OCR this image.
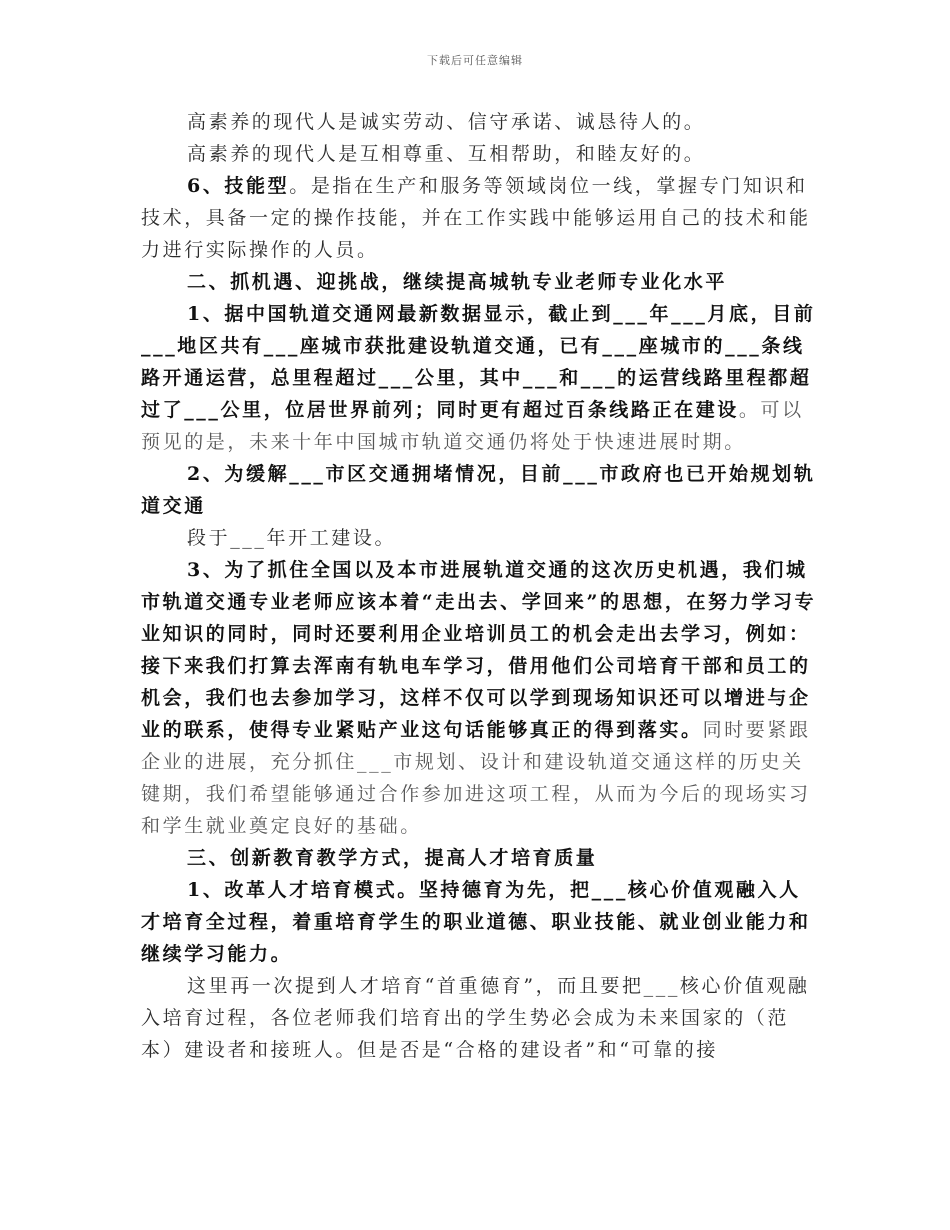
下载后可任意编辑

高素养的现代人是诚实劳动、信守承诺、诚恳待人的。

高素养的现代人是互相尊重、互相帮助，和睦友好的。

6、技能型。是指在生产和服务等领域岗位一线，掌握专门知识和技术，具备一定的操作技能，并在工作实践中能够运用自己的技术和能力进行实际操作的人员。

二、抓机遇、迎挑战，继续提高城轨专业老师专业化水平

1、据中国轨道交通网最新数据显示，截止到___年___月底，目前___地区共有___座城市获批建设轨道交通，已有___座城市的___条线路开通运营，总里程超过___公里，其中___和___的运营线路里程都超过了___公里，位居世界前列；同时更有超过百条线路正在建设。可以预见的是，未来十年中国城市轨道交通仍将处于快速进展时期。

2、为缓解___市区交通拥堵情况，目前___市政府也已开始规划轨道交通

段于___年开工建设。

3、为了抓住全国以及本市进展轨道交通的这次历史机遇，我们城市轨道交通专业老师应该本着“走出去、学回来”的思想，在努力学习专业知识的同时，同时还要利用企业培训员工的机会走出去学习，例如：接下来我们打算去浑南有轨电车学习，借用他们公司培育干部和员工的机会，我们也去参加学习，这样不仅可以学到现场知识还可以增进与企业的联系，使得专业紧贴产业这句话能够真正的得到落实。同时要紧跟企业的进展，充分抓住___市规划、设计和建设轨道交通这样的历史关键期，我们希望能够通过合作参加进这项工程，从而为今后的现场实习和学生就业奠定良好的基础。

三、创新教育教学方式，提高人才培育质量

1、改革人才培育模式。坚持德育为先，把___核心价值观融入人才培育全过程，着重培育学生的职业道德、职业技能、就业创业能力和继续学习能力。

这里再一次提到人才培育“首重德育”，而且要把___核心价值观融入培育过程，各位老师我们培育出的学生势必会成为未来国家的（范本）建设者和接班人。但是否是“合格的建设者”和“可靠的接
